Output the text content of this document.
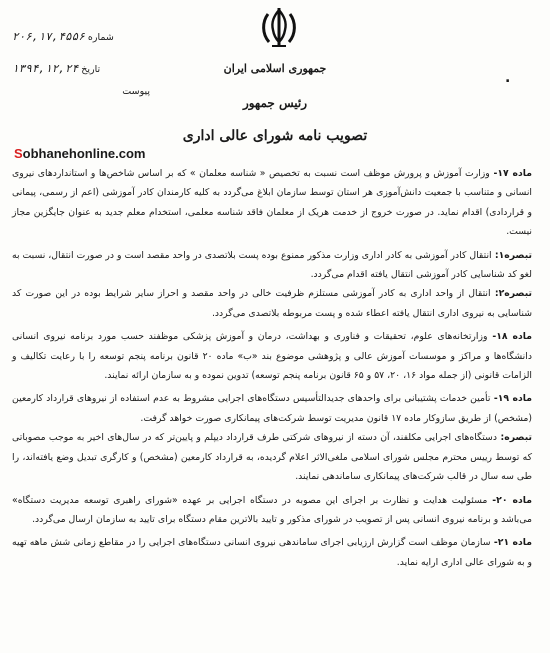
جمهوری اسلامی ایران
رئیس جمهور
تصویب نامه شورای عالی اداری
شماره ۲۰۶,۱۷,۴۵۵۶
تاریخ ۱۳۹۴,۱۲,۲۴
پیوست
.
Sobhanehonline.com

ماده ۱۷- وزارت آموزش و پرورش موظف است نسبت به تخصیص « شناسه معلمان » که بر اساس شاخص‌ها و استانداردهای نیروی انسانی و متناسب با جمعیت دانش‌آموزی هر استان توسط سازمان ابلاغ می‌گردد به کلیه کارمندان کادر آموزشی (اعم از رسمی، پیمانی و قراردادی) اقدام نماید. در صورت خروج از خدمت هریک از معلمان فاقد شناسه معلمی، استخدام معلم جدید به عنوان جایگزین مجاز نیست.

تبصره۱: انتقال کادر آموزشی به کادر اداری وزارت مذکور ممنوع بوده پست بلاتصدی در واحد مقصد است و در صورت انتقال، نسبت به لغو کد شناسایی کادر آموزشی انتقال یافته اقدام می‌گردد.

تبصره۲: انتقال از واحد اداری به کادر آموزشی مستلزم ظرفیت خالی در واحد مقصد و احراز سایر شرایط بوده در این صورت کد شناسایی به نیروی اداری انتقال یافته اعطاء شده و پست مربوطه بلاتصدی می‌گردد.

ماده ۱۸- وزارتخانه‌های علوم، تحقیقات و فناوری و بهداشت، درمان و آموزش پزشکی موظفند حسب مورد برنامه نیروی انسانی دانشگاه‌ها و مراکز و موسسات آموزش عالی و پژوهشی موضوع بند «ب» ماده ۲۰ قانون برنامه پنجم توسعه را با رعایت تکالیف و الزامات قانونی (از جمله مواد ۱۶، ۲۰، ۵۷ و ۶۵ قانون برنامه پنجم توسعه) تدوین نموده و به سازمان ارائه نمایند.

ماده ۱۹- تأمین خدمات پشتیبانی برای واحدهای جدیدالتأسیس دستگاه‌های اجرایی مشروط به عدم استفاده از نیروهای قرارداد کارمعین (مشخص) از طریق سازوکار ماده ۱۷ قانون مدیریت توسط شرکت‌های پیمانکاری صورت خواهد گرفت.

تبصره: دستگاه‌های اجرایی مکلفند، آن دسته از نیروهای شرکتی طرف قرارداد دیپلم و پایین‌تر که در سال‌های اخیر به موجب مصوباتی که توسط رییس محترم مجلس شورای اسلامی ملغی‌الاثر اعلام گردیده، به قرارداد کارمعین (مشخص) و کارگری تبدیل وضع یافته‌اند، را طی سه سال در قالب شرکت‌های پیمانکاری ساماندهی نمایند.

ماده ۲۰- مسئولیت هدایت و نظارت بر اجرای این مصوبه در دستگاه اجرایی بر عهده «شورای راهبری توسعه مدیریت دستگاه» می‌باشد و برنامه نیروی انسانی پس از تصویب در شورای مذکور و تایید بالاترین مقام دستگاه برای تایید به سازمان ارسال می‌گردد.

ماده ۲۱- سازمان موظف است گزارش ارزیابی اجرای ساماندهی نیروی انسانی دستگاه‌های اجرایی را در مقاطع زمانی شش ماهه تهیه و به شورای عالی اداری ارایه نماید.
